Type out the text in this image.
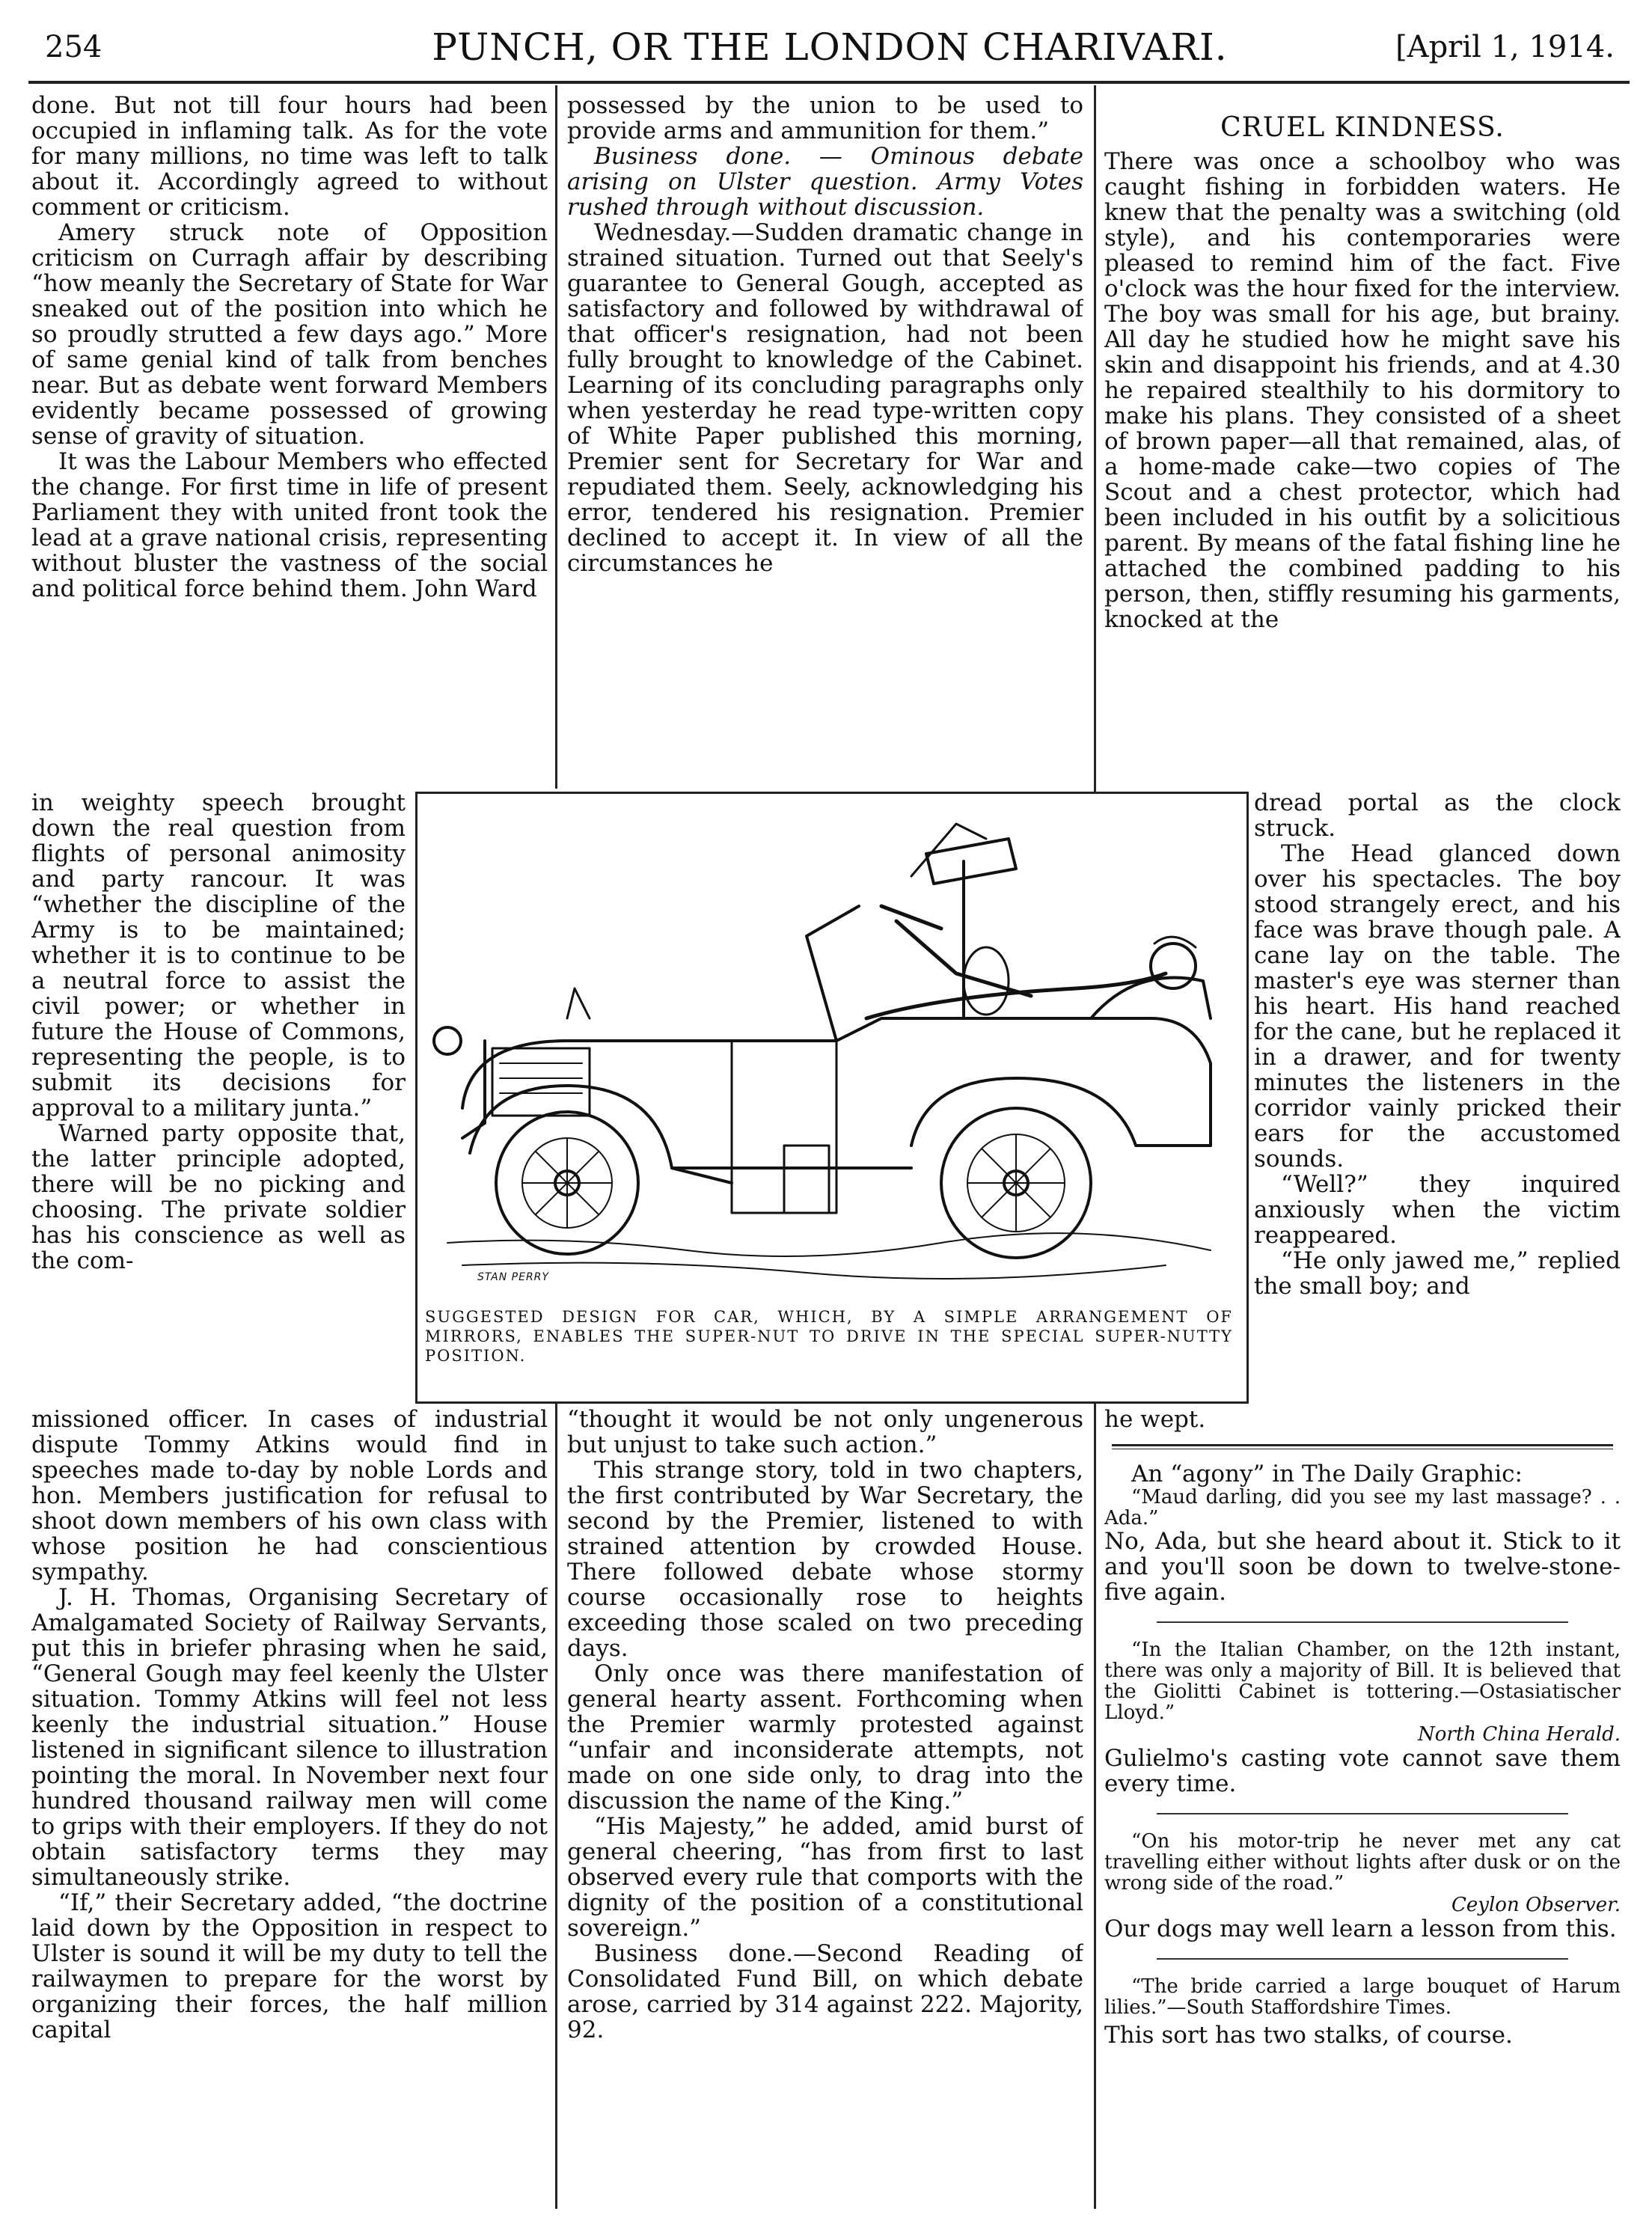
254	PUNCH, OR THE LONDON CHARIVARI.	[April 1, 1914.

done. But not till four hours had been occupied in inflaming talk. As for the vote for many millions, no time was left to talk about it. Accordingly agreed to without comment or criticism.

Amery struck note of Opposition criticism on Curragh affair by describing “how meanly the Secretary of State for War sneaked out of the position into which he so proudly strutted a few days ago.” More of same genial kind of talk from benches near. But as debate went forward Members evidently became possessed of growing sense of gravity of situation.

It was the Labour Members who effected the change. For first time in life of present Parliament they with united front took the lead at a grave national crisis, representing without bluster the vastness of the social and political force behind them. John Ward

in weighty speech brought down the real question from flights of personal animosity and party rancour. It was “whether the discipline of the Army is to be maintained; whether it is to continue to be a neutral force to assist the civil power; or whether in future the House of Commons, representing the people, is to submit its decisions for approval to a military junta.”

Warned party opposite that, the latter principle adopted, there will be no picking and choosing. The private soldier has his conscience as well as the com-

missioned officer. In cases of industrial dispute Tommy Atkins would find in speeches made to-day by noble Lords and hon. Members justification for refusal to shoot down members of his own class with whose position he had conscientious sympathy.

J. H. Thomas, Organising Secretary of Amalgamated Society of Railway Servants, put this in briefer phrasing when he said, “General Gough may feel keenly the Ulster situation. Tommy Atkins will feel not less keenly the industrial situation.” House listened in significant silence to illustration pointing the moral. In November next four hundred thousand railway men will come to grips with their employers. If they do not obtain satisfactory terms they may simultaneously strike.

“If,” their Secretary added, “the doctrine laid down by the Opposition in respect to Ulster is sound it will be my duty to tell the railwaymen to prepare for the worst by organizing their forces, the half million capital

possessed by the union to be used to provide arms and ammunition for them.”

Business done. — Ominous debate arising on Ulster question. Army Votes rushed through without discussion.

Wednesday.—Sudden dramatic change in strained situation. Turned out that Seely's guarantee to General Gough, accepted as satisfactory and followed by withdrawal of that officer's resignation, had not been fully brought to knowledge of the Cabinet. Learning of its concluding paragraphs only when yesterday he read type-written copy of White Paper published this morning, Premier sent for Secretary for War and repudiated them. Seely, acknowledging his error, tendered his resignation. Premier declined to accept it. In view of all the circumstances he

“thought it would be not only ungenerous but unjust to take such action.”

This strange story, told in two chapters, the first contributed by War Secretary, the second by the Premier, listened to with strained attention by crowded House. There followed debate whose stormy course occasionally rose to heights exceeding those scaled on two preceding days.

Only once was there manifestation of general hearty assent. Forthcoming when the Premier warmly protested against “unfair and inconsiderate attempts, not made on one side only, to drag into the discussion the name of the King.”

“His Majesty,” he added, amid burst of general cheering, “has from first to last observed every rule that comports with the dignity of the position of a constitutional sovereign.”

Business done.—Second Reading of Consolidated Fund Bill, on which debate arose, carried by 314 against 222. Majority, 92.

CRUEL KINDNESS.

There was once a schoolboy who was caught fishing in forbidden waters. He knew that the penalty was a switching (old style), and his contemporaries were pleased to remind him of the fact. Five o'clock was the hour fixed for the interview. The boy was small for his age, but brainy. All day he studied how he might save his skin and disappoint his friends, and at 4.30 he repaired stealthily to his dormitory to make his plans. They consisted of a sheet of brown paper—all that remained, alas, of a home-made cake—two copies of The Scout and a chest protector, which had been included in his outfit by a solicitious parent. By means of the fatal fishing line he attached the combined padding to his person, then, stiffly resuming his garments, knocked at the

dread portal as the clock struck.

The Head glanced down over his spectacles. The boy stood strangely erect, and his face was brave though pale. A cane lay on the table. The master's eye was sterner than his heart. His hand reached for the cane, but he replaced it in a drawer, and for twenty minutes the listeners in the corridor vainly pricked their ears for the accustomed sounds.

“Well?” they inquired anxiously when the victim reappeared.

“He only jawed me,” replied the small boy; and

he wept.

An “agony” in The Daily Graphic:

“Maud darling, did you see my last massage? . . Ada.”

No, Ada, but she heard about it. Stick to it and you'll soon be down to twelve-stone-five again.

“In the Italian Chamber, on the 12th instant, there was only a majority of Bill. It is believed that the Giolitti Cabinet is tottering.—Ostasiatischer Lloyd.”

North China Herald.

Gulielmo's casting vote cannot save them every time.

“On his motor-trip he never met any cat travelling either without lights after dusk or on the wrong side of the road.”

Ceylon Observer.

Our dogs may well learn a lesson from this.

“The bride carried a large bouquet of Harum lilies.”—South Staffordshire Times.

This sort has two stalks, of course.

STAN PERRY
SUGGESTED DESIGN FOR CAR, WHICH, BY A SIMPLE ARRANGEMENT OF MIRRORS, ENABLES THE SUPER-NUT TO DRIVE IN THE SPECIAL SUPER-NUTTY POSITION.
